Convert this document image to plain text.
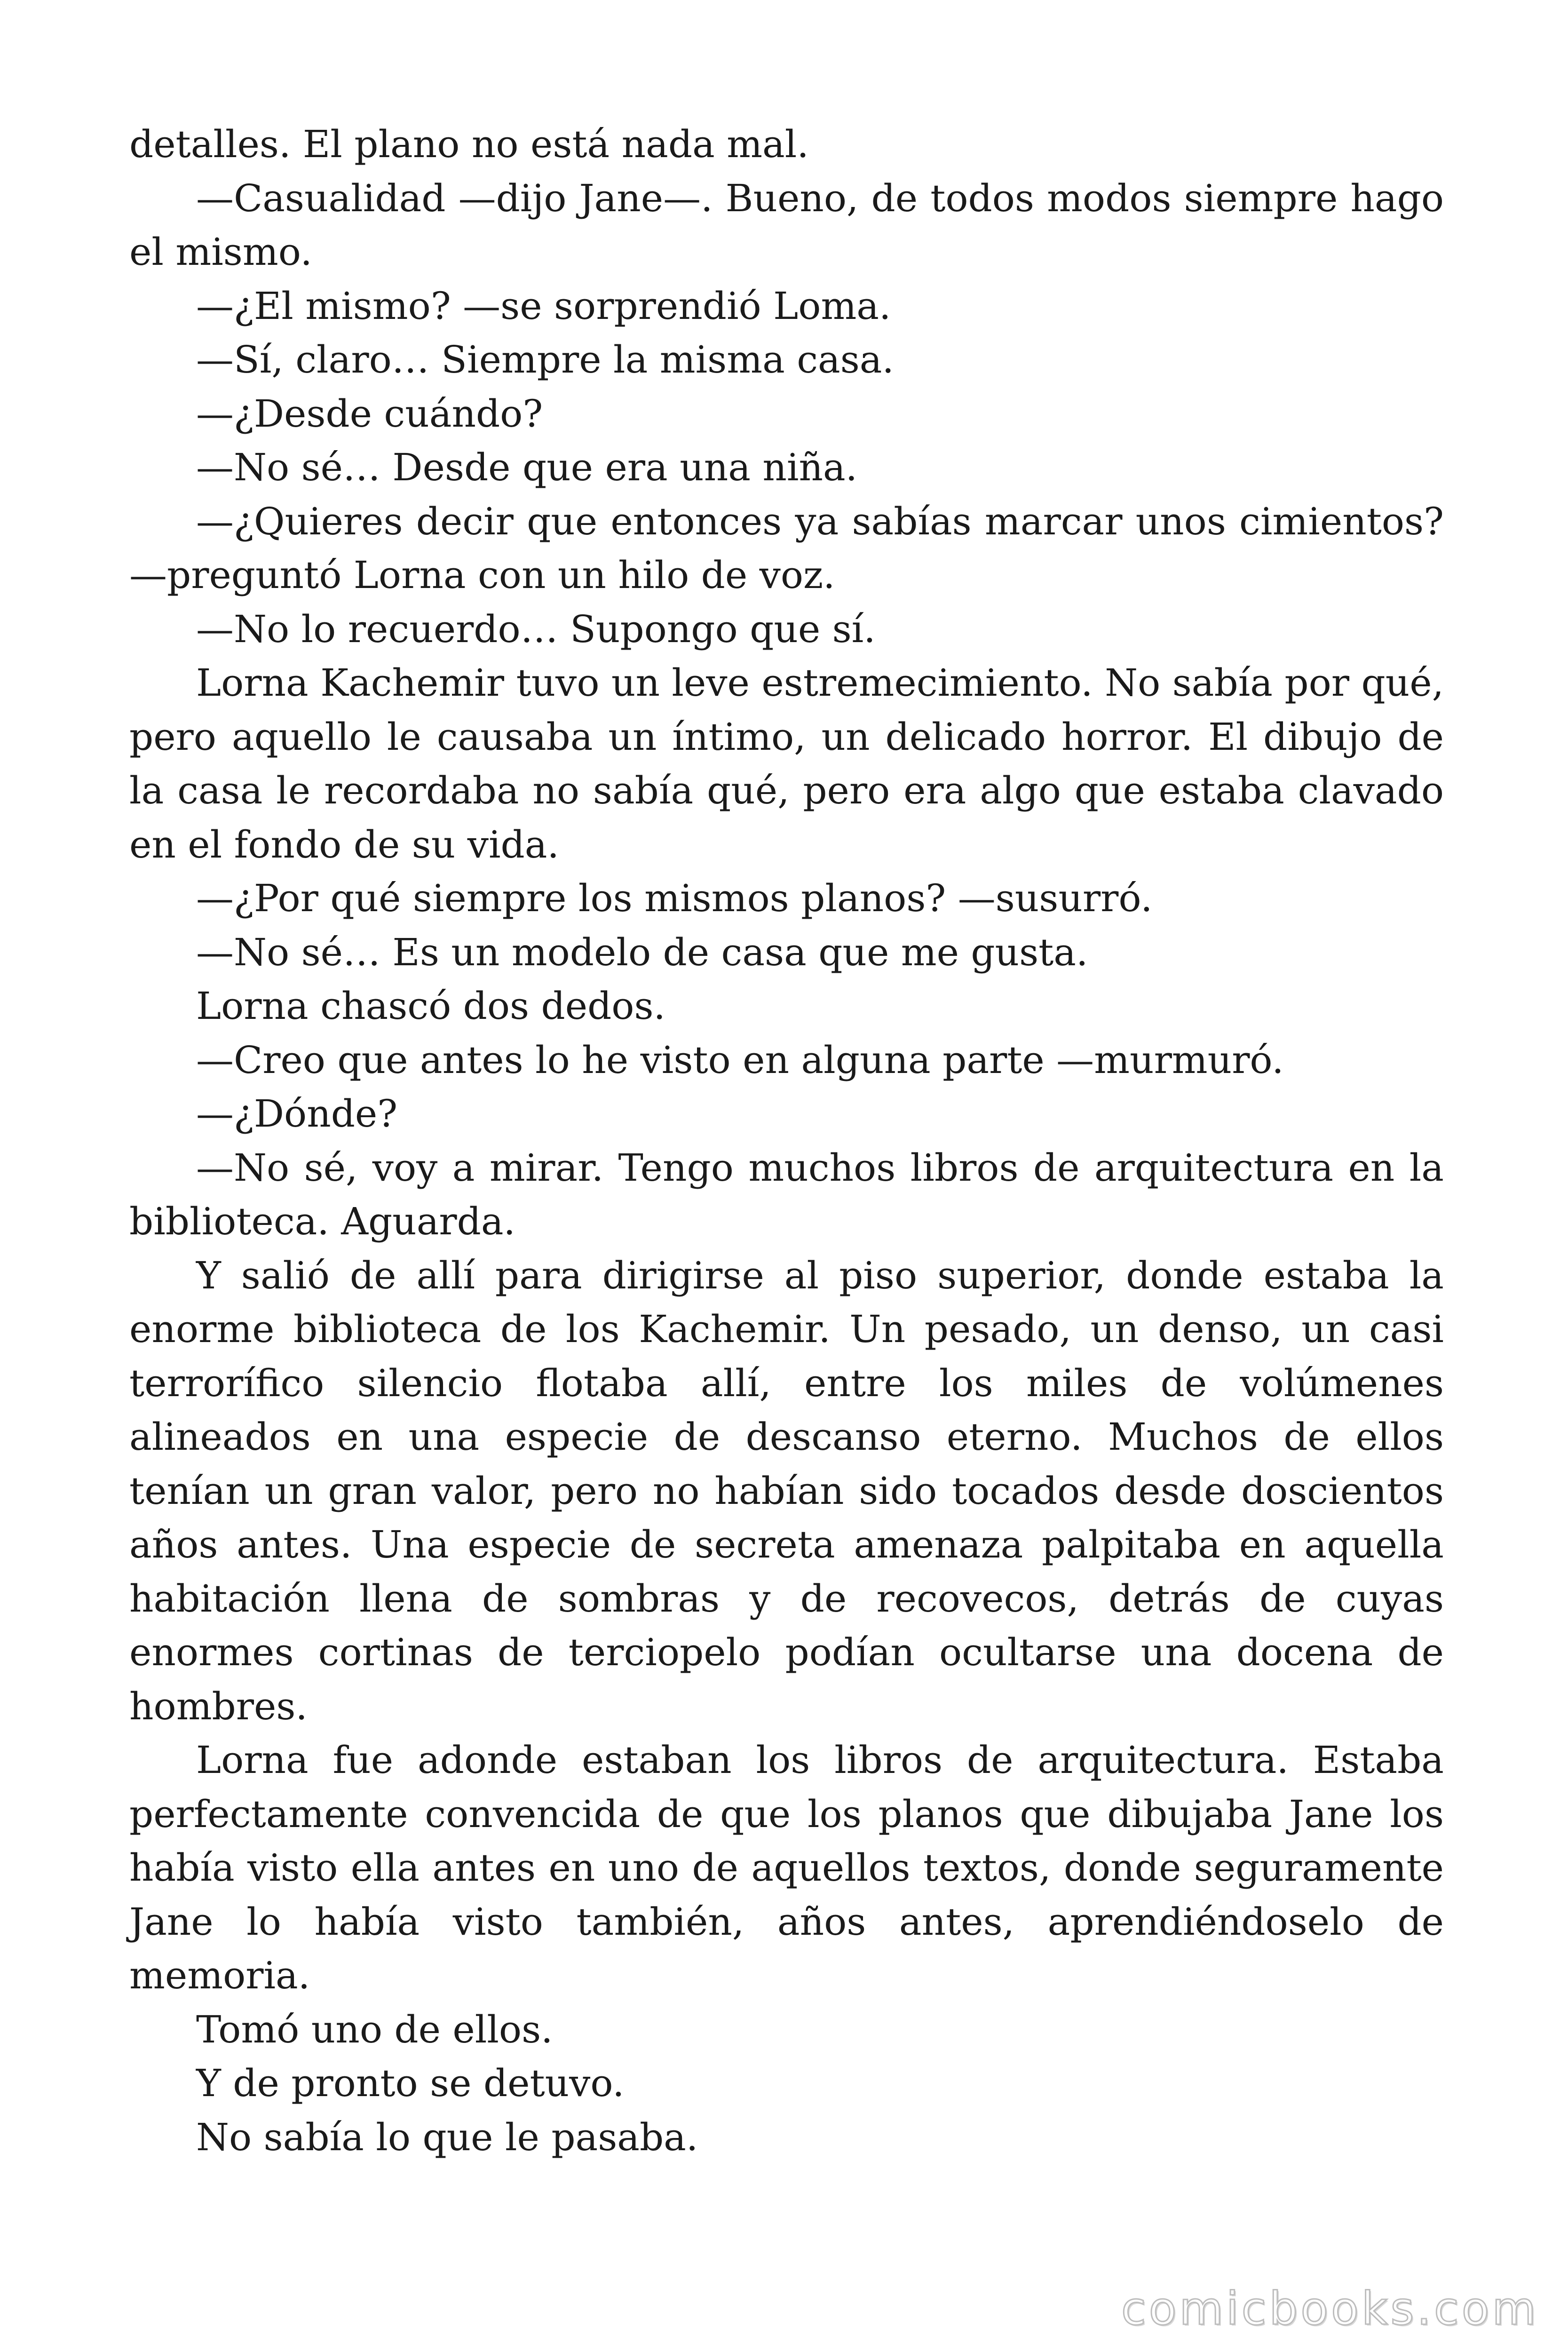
detalles. El plano no está nada mal.

—Casualidad —dijo Jane—. Bueno, de todos modos siempre hago el mismo.

—¿El mismo? —se sorprendió Loma.

—Sí, claro… Siempre la misma casa.

—¿Desde cuándo?

—No sé… Desde que era una niña.

—¿Quieres decir que entonces ya sabías marcar unos cimientos? —preguntó Lorna con un hilo de voz.

—No lo recuerdo… Supongo que sí.

Lorna Kachemir tuvo un leve estremecimiento. No sabía por qué, pero aquello le causaba un íntimo, un delicado horror. El dibujo de la casa le recordaba no sabía qué, pero era algo que estaba clavado en el fondo de su vida.

—¿Por qué siempre los mismos planos? —susurró.

—No sé… Es un modelo de casa que me gusta.

Lorna chascó dos dedos.

—Creo que antes lo he visto en alguna parte —murmuró.

—¿Dónde?

—No sé, voy a mirar. Tengo muchos libros de arquitectura en la biblioteca. Aguarda.

Y salió de allí para dirigirse al piso superior, donde estaba la enorme biblioteca de los Kachemir. Un pesado, un denso, un casi terrorífico silencio flotaba allí, entre los miles de volúmenes alineados en una especie de descanso eterno. Muchos de ellos tenían un gran valor, pero no habían sido tocados desde doscientos años antes. Una especie de secreta amenaza palpitaba en aquella habitación llena de sombras y de recovecos, detrás de cuyas enormes cortinas de terciopelo podían ocultarse una docena de hombres.

Lorna fue adonde estaban los libros de arquitectura. Estaba perfectamente convencida de que los planos que dibujaba Jane los había visto ella antes en uno de aquellos textos, donde seguramente Jane lo había visto también, años antes, aprendiéndoselo de memoria.

Tomó uno de ellos.

Y de pronto se detuvo.

No sabía lo que le pasaba.

comicbooks.com
